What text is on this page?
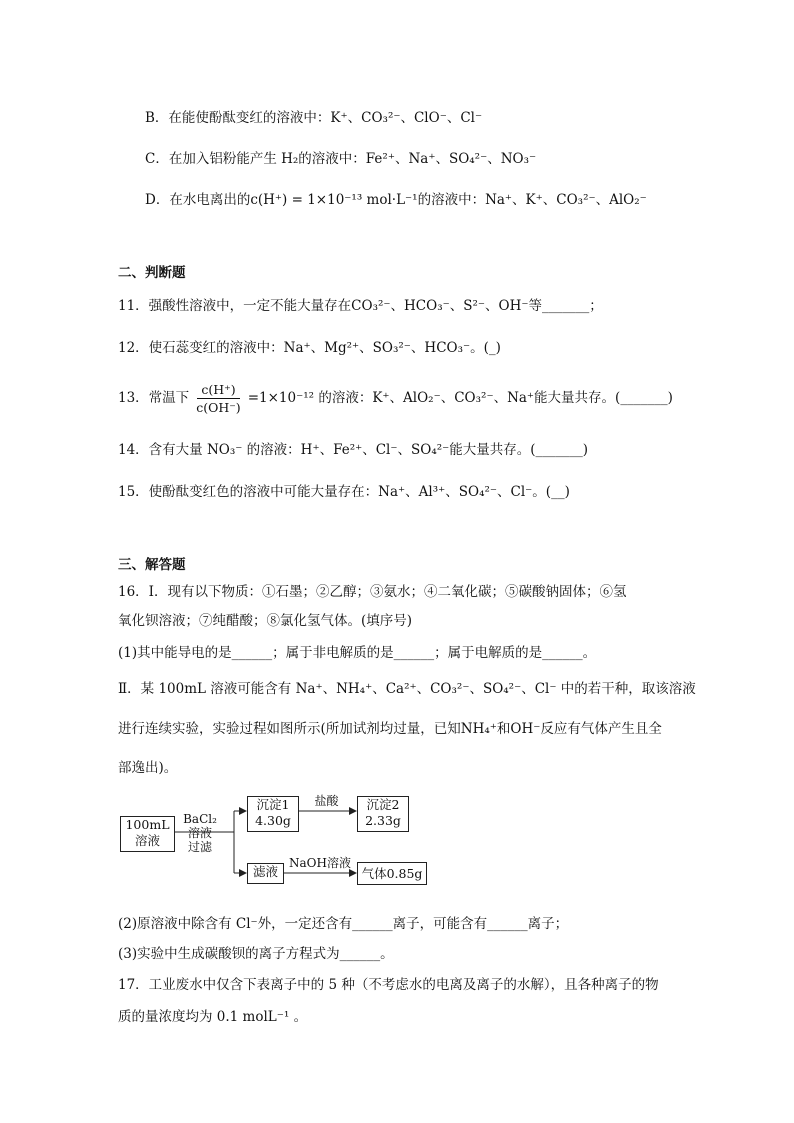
B．在能使酚酞变红的溶液中：K⁺、CO₃²⁻、ClO⁻、Cl⁻
C．在加入铝粉能产生 H₂的溶液中：Fe²⁺、Na⁺、SO₄²⁻、NO₃⁻
D．在水电离出的c(H⁺) = 1×10⁻¹³ mol·L⁻¹的溶液中：Na⁺、K⁺、CO₃²⁻、AlO₂⁻
二、判断题
11．强酸性溶液中，一定不能大量存在CO₃²⁻、HCO₃⁻、S²⁻、OH⁻等_______；
12．使石蕊变红的溶液中：Na⁺、Mg²⁺、SO₃²⁻、HCO₃⁻。(_)
13．常温下 $\frac{c(H^+)}{c(OH^-)} =1\times 10^{-12}$ 的溶液：K⁺、AlO₂⁻、CO₃²⁻、Na⁺能大量共存。(_______)
14．含有大量 NO₃⁻ 的溶液：H⁺、Fe²⁺、Cl⁻、SO₄²⁻能大量共存。(_______)
15．使酚酞变红色的溶液中可能大量存在：Na⁺、Al³⁺、SO₄²⁻、Cl⁻。(__)
三、解答题
16．Ⅰ．现有以下物质：①石墨；②乙醇；③氨水；④二氧化碳；⑤碳酸钠固体；⑥氢
氧化钡溶液；⑦纯醋酸；⑧氯化氢气体。(填序号)
(1)其中能导电的是______；属于非电解质的是______；属于电解质的是______。
Ⅱ．某 100mL 溶液可能含有 Na⁺、NH₄⁺、Ca²⁺、CO₃²⁻、SO₄²⁻、Cl⁻ 中的若干种，取该溶液
进行连续实验，实验过程如图所示(所加试剂均过量，已知NH₄⁺和OH⁻反应有气体产生且全
部逸出)。
100mL
溶液
BaCl₂
溶液
过滤
沉淀1
4.30g
盐酸	沉淀2
2.33g
滤液
NaOH溶液
气体0.85g
(2)原溶液中除含有 Cl⁻外，一定还含有______离子，可能含有______离子；
(3)实验中生成碳酸钡的离子方程式为______。
17．工业废水中仅含下表离子中的 5 种（不考虑水的电离及离子的水解），且各种离子的物
质的量浓度均为 0.1 molL⁻¹ 。
